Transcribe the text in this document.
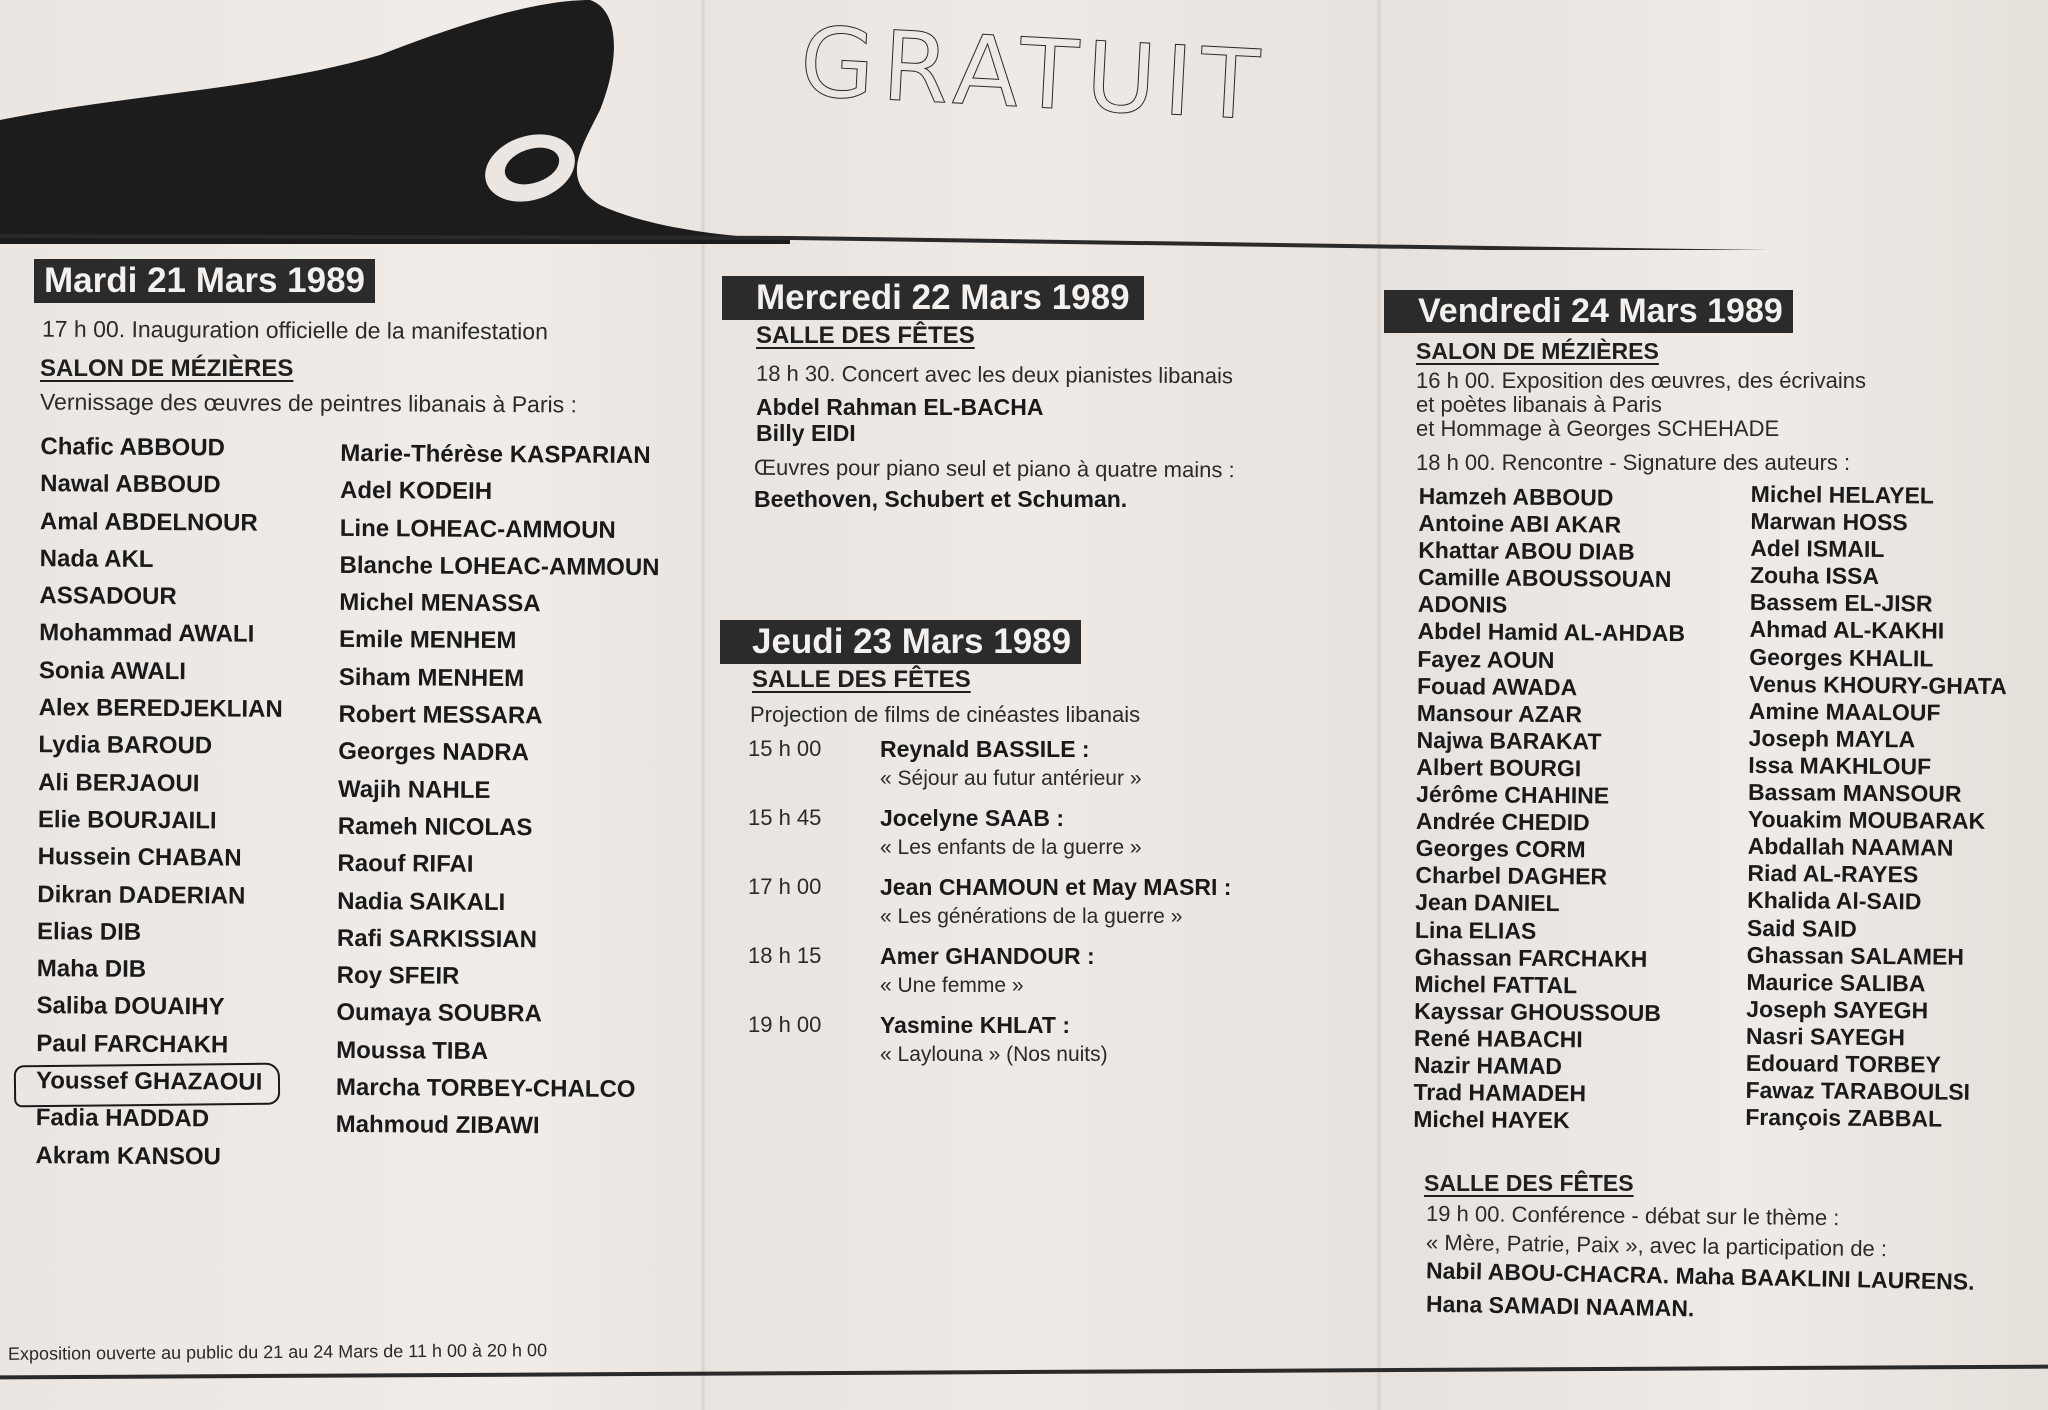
GRATUIT
Mardi 21 Mars 1989
17 h 00. Inauguration officielle de la manifestation
SALON DE MÉZIÈRES
Vernissage des œuvres de peintres libanais à Paris :
Chafic ABBOUD
Nawal ABBOUD
Amal ABDELNOUR
Nada AKL
ASSADOUR
Mohammad AWALI
Sonia AWALI
Alex BEREDJEKLIAN
Lydia BAROUD
Ali BERJAOUI
Elie BOURJAILI
Hussein CHABAN
Dikran DADERIAN
Elias DIB
Maha DIB
Saliba DOUAIHY
Paul FARCHAKH
Youssef GHAZAOUI
Fadia HADDAD
Akram KANSOU
Marie-Thérèse KASPARIAN
Adel KODEIH
Line LOHEAC-AMMOUN
Blanche LOHEAC-AMMOUN
Michel MENASSA
Emile MENHEM
Siham MENHEM
Robert MESSARA
Georges NADRA
Wajih NAHLE
Rameh NICOLAS
Raouf RIFAI
Nadia SAIKALI
Rafi SARKISSIAN
Roy SFEIR
Oumaya SOUBRA
Moussa TIBA
Marcha TORBEY-CHALCO
Mahmoud ZIBAWI
Exposition ouverte au public du 21 au 24 Mars de 11 h 00 à 20 h 00
Mercredi 22 Mars 1989
SALLE DES FÊTES
18 h 30. Concert avec les deux pianistes libanais
Abdel Rahman EL-BACHA
Billy EIDI
Œuvres pour piano seul et piano à quatre mains :
Beethoven, Schubert et Schuman.
Jeudi 23 Mars 1989
SALLE DES FÊTES
Projection de films de cinéastes libanais
15 h 00	Reynald BASSILE :
« Séjour au futur antérieur »
15 h 45	Jocelyne SAAB :
« Les enfants de la guerre »
17 h 00	Jean CHAMOUN et May MASRI :
« Les générations de la guerre »
18 h 15	Amer GHANDOUR :
« Une femme »
19 h 00	Yasmine KHLAT :
« Laylouna » (Nos nuits)
Vendredi 24 Mars 1989
SALON DE MÉZIÈRES
16 h 00. Exposition des œuvres, des écrivains
et poètes libanais à Paris
et Hommage à Georges SCHEHADE
18 h 00. Rencontre - Signature des auteurs :
Hamzeh ABBOUD
Antoine ABI AKAR
Khattar ABOU DIAB
Camille ABOUSSOUAN
ADONIS
Abdel Hamid AL-AHDAB
Fayez AOUN
Fouad AWADA
Mansour AZAR
Najwa BARAKAT
Albert BOURGI
Jérôme CHAHINE
Andrée CHEDID
Georges CORM
Charbel DAGHER
Jean DANIEL
Lina ELIAS
Ghassan FARCHAKH
Michel FATTAL
Kayssar GHOUSSOUB
René HABACHI
Nazir HAMAD
Trad HAMADEH
Michel HAYEK
Michel HELAYEL
Marwan HOSS
Adel ISMAIL
Zouha ISSA
Bassem EL-JISR
Ahmad AL-KAKHI
Georges KHALIL
Venus KHOURY-GHATA
Amine MAALOUF
Joseph MAYLA
Issa MAKHLOUF
Bassam MANSOUR
Youakim MOUBARAK
Abdallah NAAMAN
Riad AL-RAYES
Khalida Al-SAID
Said SAID
Ghassan SALAMEH
Maurice SALIBA
Joseph SAYEGH
Nasri SAYEGH
Edouard TORBEY
Fawaz TARABOULSI
François ZABBAL
SALLE DES FÊTES
19 h 00. Conférence - débat sur le thème :
« Mère, Patrie, Paix », avec la participation de :
Nabil ABOU-CHACRA. Maha BAAKLINI LAURENS.
Hana SAMADI NAAMAN.
